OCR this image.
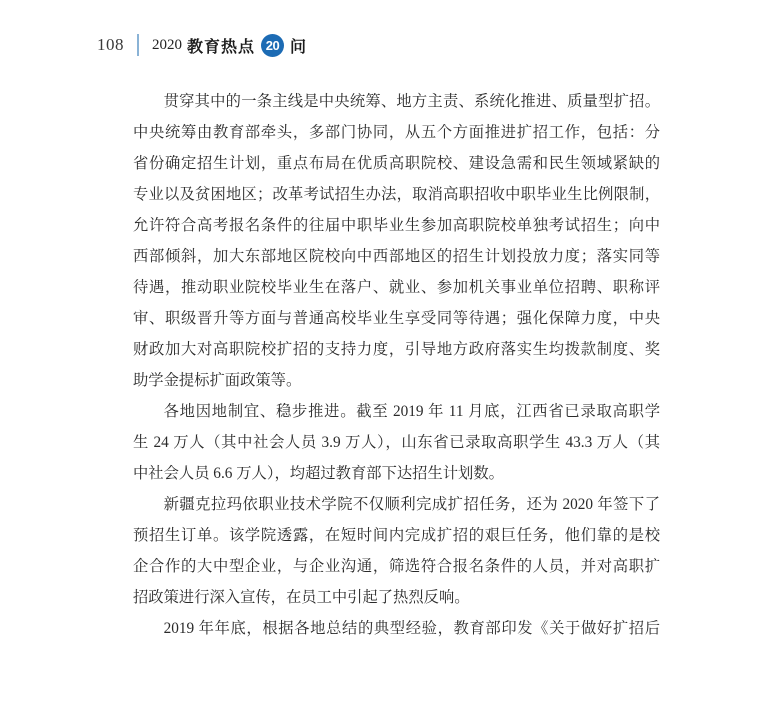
108 2020 教育热点 20 问
贯穿其中的一条主线是中央统筹、地方主责、系统化推进、质量型扩招。
中央统筹由教育部牵头，多部门协同，从五个方面推进扩招工作，包括：分
省份确定招生计划，重点布局在优质高职院校、建设急需和民生领域紧缺的
专业以及贫困地区；改革考试招生办法，取消高职招收中职毕业生比例限制，
允许符合高考报名条件的往届中职毕业生参加高职院校单独考试招生；向中
西部倾斜，加大东部地区院校向中西部地区的招生计划投放力度；落实同等
待遇，推动职业院校毕业生在落户、就业、参加机关事业单位招聘、职称评
审、职级晋升等方面与普通高校毕业生享受同等待遇；强化保障力度，中央
财政加大对高职院校扩招的支持力度，引导地方政府落实生均拨款制度、奖
助学金提标扩面政策等。
各地因地制宜、稳步推进。截至 2019 年 11 月底，江西省已录取高职学
生 24 万人（其中社会人员 3.9 万人），山东省已录取高职学生 43.3 万人（其
中社会人员 6.6 万人），均超过教育部下达招生计划数。
新疆克拉玛依职业技术学院不仅顺利完成扩招任务，还为 2020 年签下了
预招生订单。该学院透露，在短时间内完成扩招的艰巨任务，他们靠的是校
企合作的大中型企业，与企业沟通，筛选符合报名条件的人员，并对高职扩
招政策进行深入宣传，在员工中引起了热烈反响。
2019 年年底，根据各地总结的典型经验，教育部印发《关于做好扩招后
